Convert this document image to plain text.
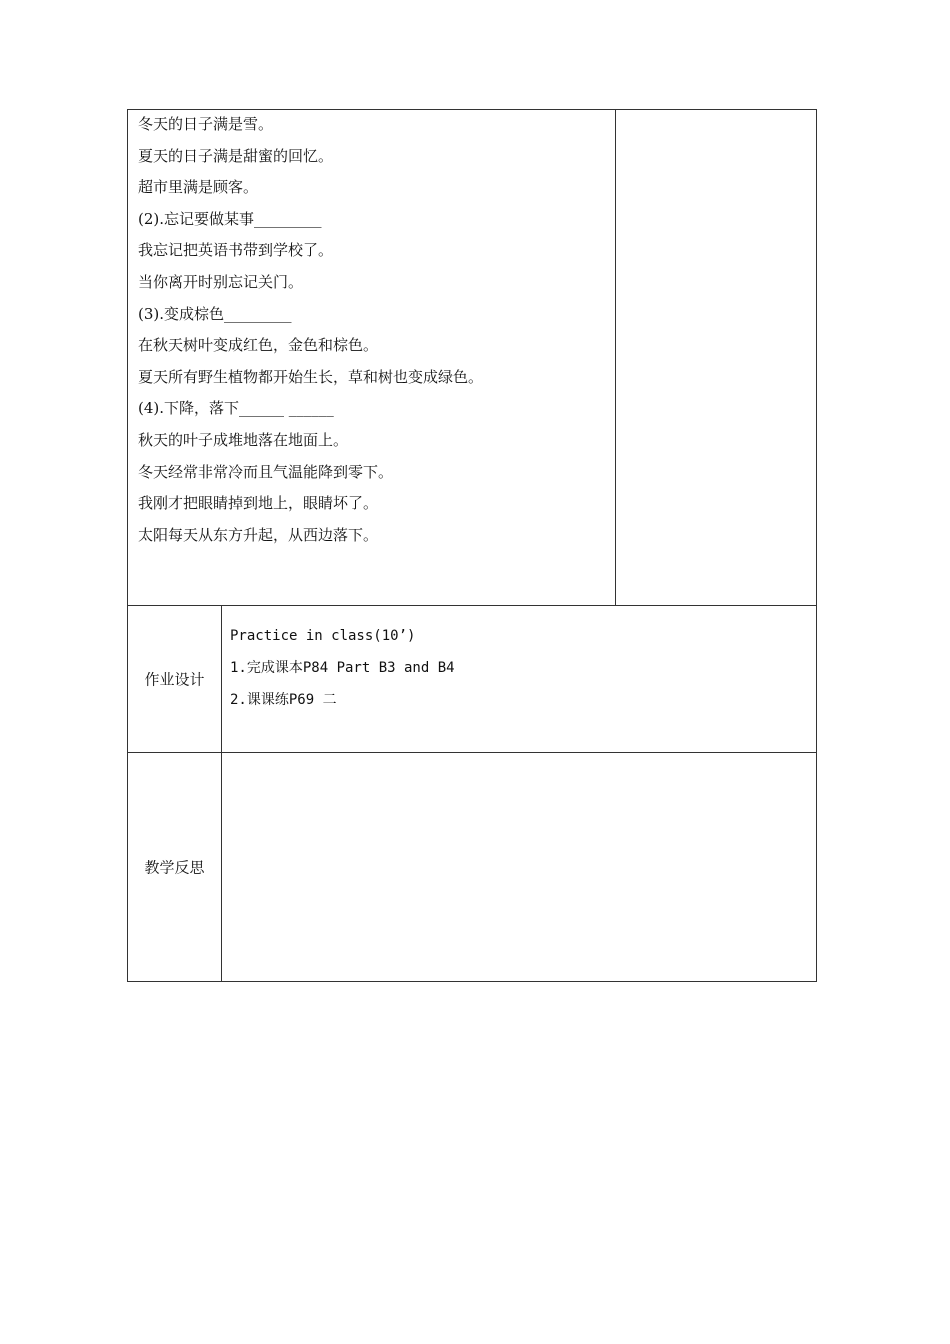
冬天的日子满是雪。
夏天的日子满是甜蜜的回忆。
超市里满是顾客。
(2).忘记要做某事_________
我忘记把英语书带到学校了。
当你离开时别忘记关门。
(3).变成棕色_________
在秋天树叶变成红色，金色和棕色。
夏天所有野生植物都开始生长，草和树也变成绿色。
(4).下降，落下______ ______
秋天的叶子成堆地落在地面上。
冬天经常非常冷而且气温能降到零下。
我刚才把眼睛掉到地上，眼睛坏了。
太阳每天从东方升起，从西边落下。
作业设计
Practice in class(10’)
1.完成课本P84 Part B3 and B4
2.课课练P69 二
教学反思
